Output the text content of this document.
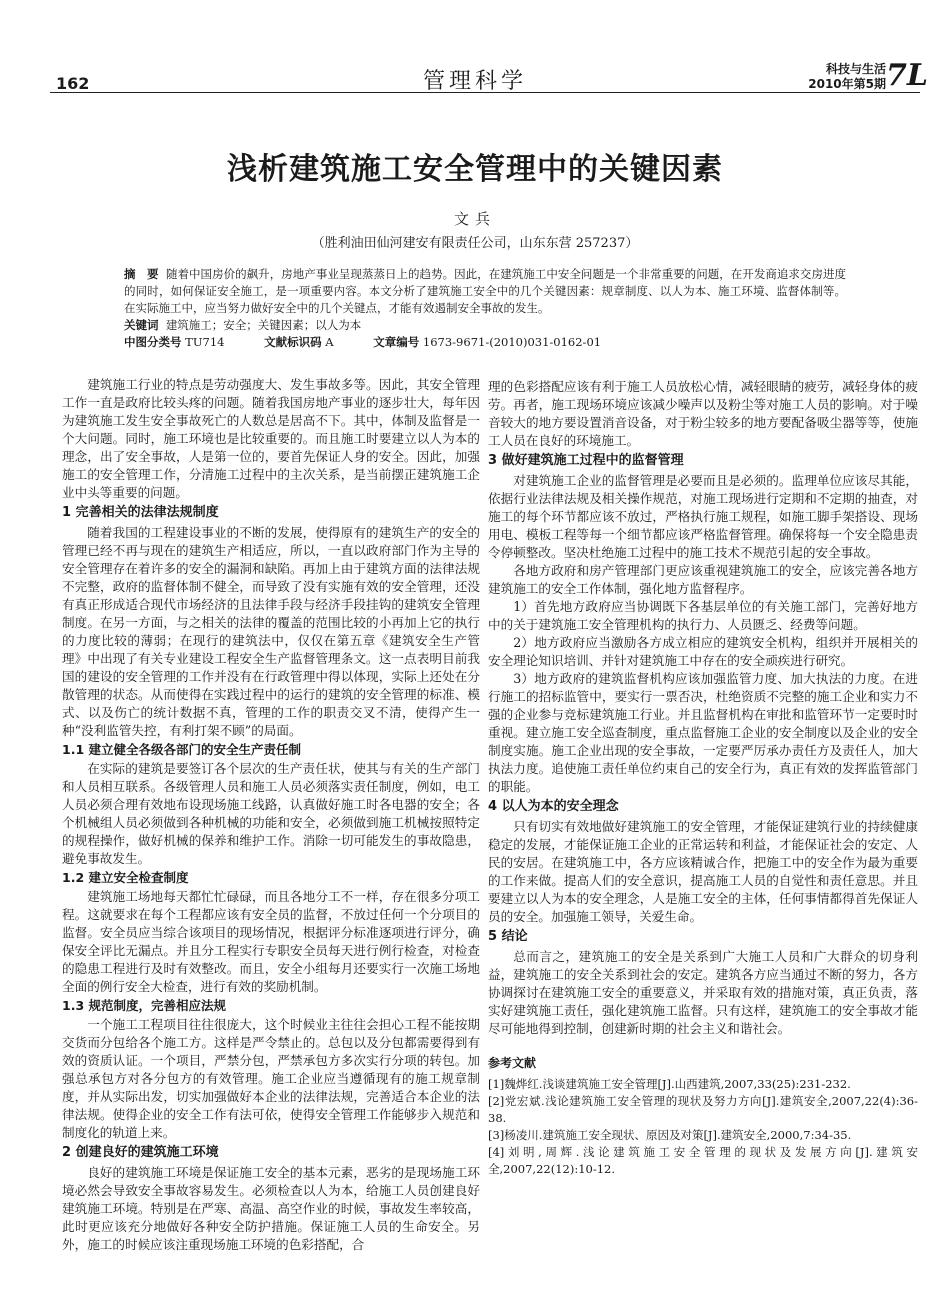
162	管理科学	科技与生活
2010年第5期 7L
浅析建筑施工安全管理中的关键因素
文兵
（胜利油田仙河建安有限责任公司，山东东营 257237）

摘　要 随着中国房价的飙升，房地产事业呈现蒸蒸日上的趋势。因此，在建筑施工中安全问题是一个非常重要的问题，在开发商追求交房进度的同时，如何保证安全施工，是一项重要内容。本文分析了建筑施工安全中的几个关键因素：规章制度、以人为本、施工环境、监督体制等。在实际施工中，应当努力做好安全中的几个关键点，才能有效遏制安全事故的发生。

关键词 建筑施工；安全；关键因素；以人为本

中图分类号 TU714	文献标识码 A	文章编号 1673-9671-(2010)031-0162-01

建筑施工行业的特点是劳动强度大、发生事故多等。因此，其安全管理工作一直是政府比较头疼的问题。随着我国房地产事业的逐步壮大，每年因为建筑施工发生安全事故死亡的人数总是居高不下。其中，体制及监督是一个大问题。同时，施工环境也是比较重要的。而且施工时要建立以人为本的理念，出了安全事故，人是第一位的，要首先保证人身的安全。因此，加强施工的安全管理工作，分清施工过程中的主次关系，是当前摆正建筑施工企业中头等重要的问题。

1 完善相关的法律法规制度

随着我国的工程建设事业的不断的发展，使得原有的建筑生产的安全的管理已经不再与现在的建筑生产相适应，所以，一直以政府部门作为主导的安全管理存在着许多的安全的漏洞和缺陷。再加上由于建筑方面的法律法规不完整，政府的监督体制不健全，而导致了没有实施有效的安全管理，还没有真正形成适合现代市场经济的且法律手段与经济手段挂钩的建筑安全管理制度。在另一方面，与之相关的法律的覆盖的范围比较的小再加上它的执行的力度比较的薄弱；在现行的建筑法中，仅仅在第五章《建筑安全生产管理》中出现了有关专业建设工程安全生产监督管理条文。这一点表明目前我国的建设的安全管理的工作并没有在行政管理中得以体现，实际上还处在分散管理的状态。从而使得在实践过程中的运行的建筑的安全管理的标准、模式、以及伤亡的统计数据不真，管理的工作的职责交叉不清，使得产生一种“没利监管失控，有利打架不顾”的局面。

1.1 建立健全各级各部门的安全生产责任制

在实际的建筑是要签订各个层次的生产责任状，使其与有关的生产部门和人员相互联系。各级管理人员和施工人员必须落实责任制度，例如，电工人员必须合理有效地布设现场施工线路，认真做好施工时各电器的安全；各个机械组人员必须做到各种机械的功能和安全，必须做到施工机械按照特定的规程操作，做好机械的保养和维护工作。消除一切可能发生的事故隐患，避免事故发生。

1.2 建立安全检查制度

建筑施工场地每天都忙忙碌碌，而且各地分工不一样，存在很多分项工程。这就要求在每个工程都应该有安全员的监督，不放过任何一个分项目的监督。安全员应当综合该项目的现场情况，根据评分标准逐项进行评分，确保安全评比无漏点。并且分工程实行专职安全员每天进行例行检查，对检查的隐患工程进行及时有效整改。而且，安全小组每月还要实行一次施工场地全面的例行安全大检查，进行有效的奖励机制。

1.3 规范制度，完善相应法规

一个施工工程项目往往很庞大，这个时候业主往往会担心工程不能按期交货而分包给各个施工方。这样是严令禁止的。总包以及分包都需要得到有效的资质认证。一个项目，严禁分包，严禁承包方多次实行分项的转包。加强总承包方对各分包方的有效管理。施工企业应当遵循现有的施工规章制度，并从实际出发，切实加强做好本企业的法律法规，完善适合本企业的法律法规。使得企业的安全工作有法可依，使得安全管理工作能够步入规范和制度化的轨道上来。

2 创建良好的建筑施工环境

良好的建筑施工环境是保证施工安全的基本元素，恶劣的是现场施工环境必然会导致安全事故容易发生。必须检查以人为本，给施工人员创建良好建筑施工环境。特别是在严寒、高温、高空作业的时候，事故发生率较高，此时更应该充分地做好各种安全防护措施。保证施工人员的生命安全。另外，施工的时候应该注重现场施工环境的色彩搭配，合

理的色彩搭配应该有利于施工人员放松心情，减轻眼睛的疲劳，减轻身体的疲劳。再者，施工现场环境应该减少噪声以及粉尘等对施工人员的影响。对于噪音较大的地方要设置消音设备，对于粉尘较多的地方要配备吸尘器等等，使施工人员在良好的环境施工。

3 做好建筑施工过程中的监督管理

对建筑施工企业的监督管理是必要而且是必须的。监理单位应该尽其能，依据行业法律法规及相关操作规范，对施工现场进行定期和不定期的抽查，对施工的每个环节都应该不放过，严格执行施工规程，如施工脚手架搭设、现场用电、模板工程等每一个细节都应该严格监督管理。确保将每一个安全隐患责令停顿整改。坚决杜绝施工过程中的施工技术不规范引起的安全事故。

各地方政府和房产管理部门更应该重视建筑施工的安全，应该完善各地方建筑施工的安全工作体制，强化地方监督程序。

1）首先地方政府应当协调既下各基层单位的有关施工部门，完善好地方中的关于建筑施工安全管理机构的执行力、人员匮乏、经费等问题。

2）地方政府应当激励各方成立相应的建筑安全机构，组织并开展相关的安全理论知识培训、并针对建筑施工中存在的安全顽疾进行研究。

3）地方政府的建筑监督机构应该加强监管力度、加大执法的力度。在进行施工的招标监管中，要实行一票否决，杜绝资质不完整的施工企业和实力不强的企业参与竞标建筑施工行业。并且监督机构在审批和监管环节一定要时时重视。建立施工安全巡查制度，重点监督施工企业的安全制度以及企业的安全制度实施。施工企业出现的安全事故，一定要严厉承办责任方及责任人，加大执法力度。追使施工责任单位约束自己的安全行为，真正有效的发挥监管部门的职能。

4 以人为本的安全理念

只有切实有效地做好建筑施工的安全管理，才能保证建筑行业的持续健康稳定的发展，才能保证施工企业的正常运转和利益，才能保证社会的安定、人民的安居。在建筑施工中，各方应该精诚合作，把施工中的安全作为最为重要的工作来做。提高人们的安全意识，提高施工人员的自觉性和责任意思。并且要建立以人为本的安全理念，人是施工安全的主体，任何事情都得首先保证人员的安全。加强施工领导，关爱生命。

5 结论

总而言之，建筑施工的安全是关系到广大施工人员和广大群众的切身利益，建筑施工的安全关系到社会的安定。建筑各方应当通过不断的努力，各方协调探讨在建筑施工安全的重要意义，并采取有效的措施对策，真正负责，落实好建筑施工责任，强化建筑施工监督。只有这样，建筑施工的安全事故才能尽可能地得到控制，创建新时期的社会主义和谐社会。

参考文献

[1]魏烨红.浅谈建筑施工安全管理[J].山西建筑,2007,33(25):231-232.

[2]党宏斌.浅论建筑施工安全管理的现状及努力方向[J].建筑安全,2007,22(4):36-38.

[3]杨凌川.建筑施工安全现状、原因及对策[J].建筑安全,2000,7:34-35.

[4]刘明,周辉.浅论建筑施工安全管理的现状及发展方向[J].建筑安全,2007,22(12):10-12.
